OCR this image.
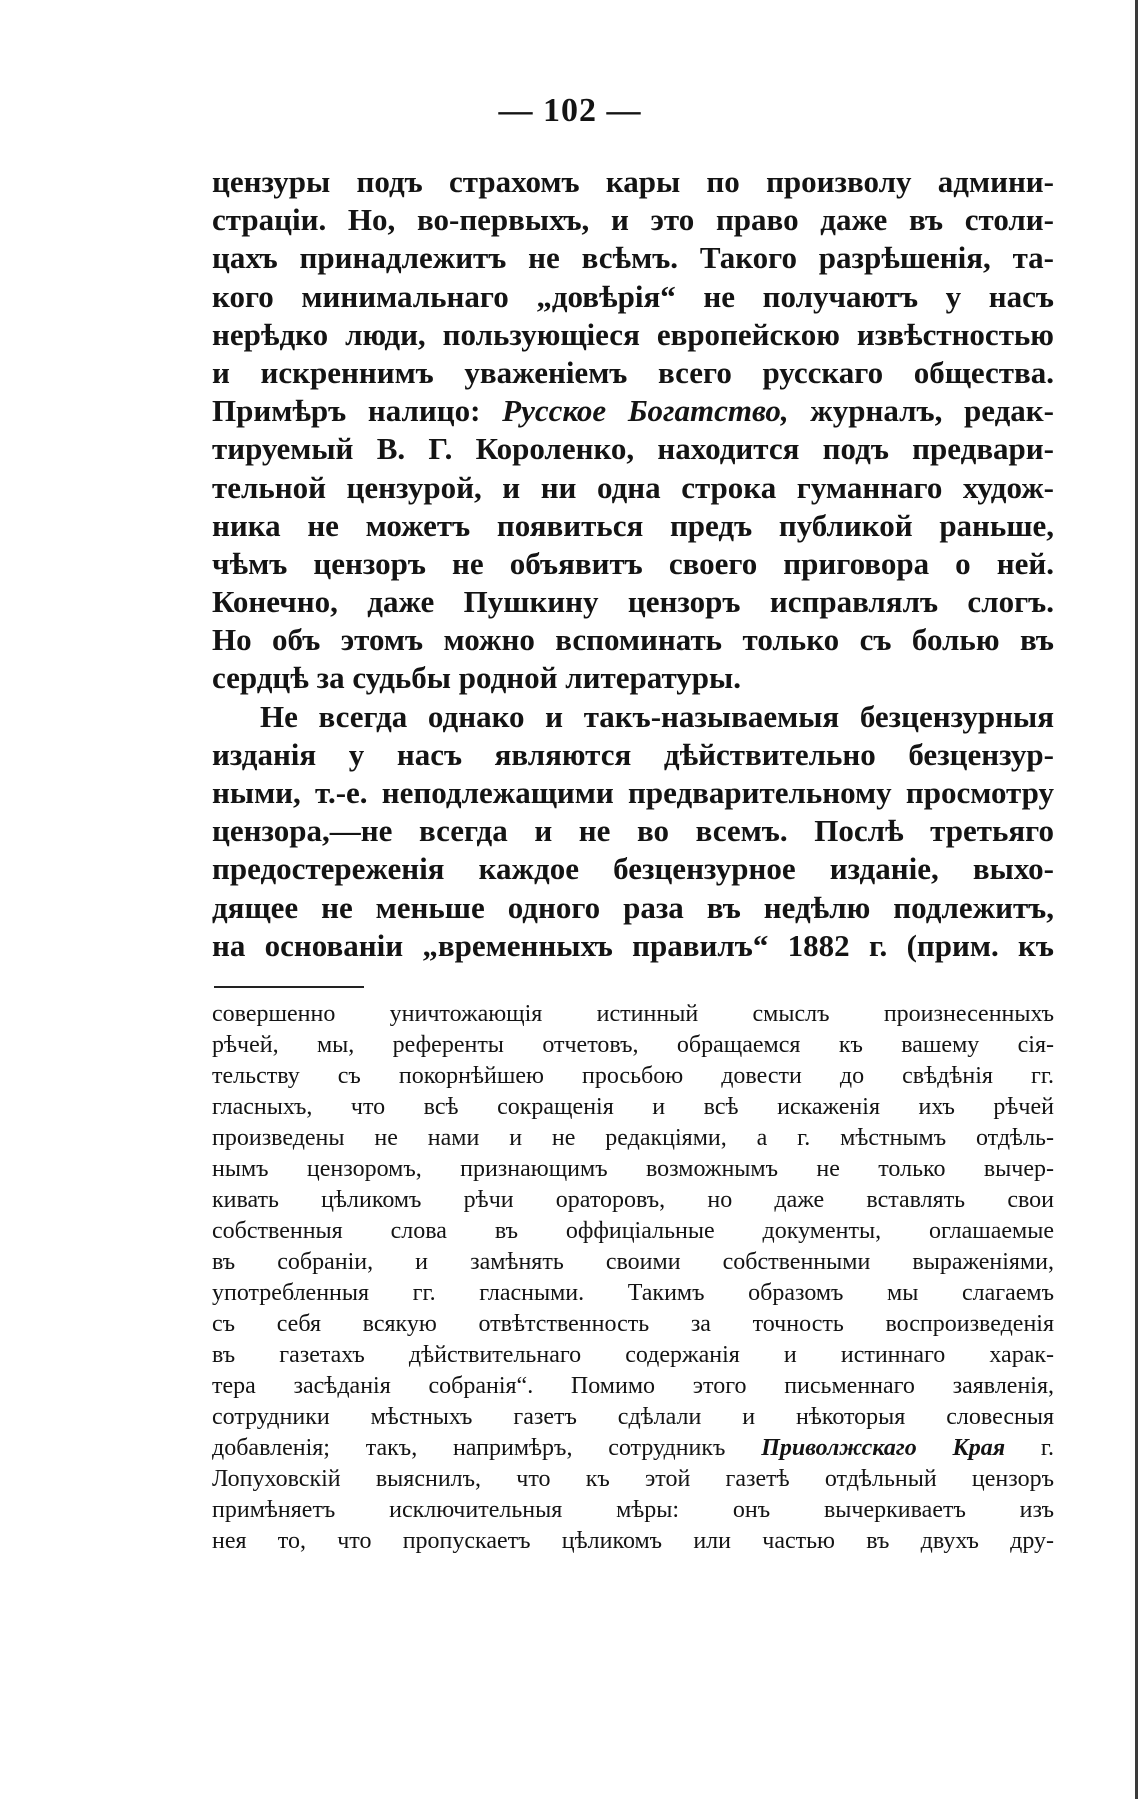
— 102 —
цензуры подъ страхомъ кары по произволу админи-
страціи. Но, во-первыхъ, и это право даже въ столи-
цахъ принадлежитъ не всѣмъ. Такого разрѣшенія, та-
кого минимальнаго „довѣрія“ не получаютъ у насъ
нерѣдко люди, пользующіеся европейскою извѣстностью
и искреннимъ уваженіемъ всего русскаго общества.
Примѣръ налицо: Русское Богатство, журналъ, редак-
тируемый В. Г. Короленко, находится подъ предвари-
тельной цензурой, и ни одна строка гуманнаго худож-
ника не можетъ появиться предъ публикой раньше,
чѣмъ цензоръ не объявитъ своего приговора о ней.
Конечно, даже Пушкину цензоръ исправлялъ слогъ.
Но объ этомъ можно вспоминать только съ болью въ
сердцѣ за судьбы родной литературы.
Не всегда однако и такъ-называемыя безцензурныя
изданія у насъ являются дѣйствительно безцензур-
ными, т.-е. неподлежащими предварительному просмотру
цензора,—не всегда и не во всемъ. Послѣ третьяго
предостереженія каждое безцензурное изданіе, выхо-
дящее не меньше одного раза въ недѣлю подлежитъ,
на основаніи „временныхъ правилъ“ 1882 г. (прим. къ
совершенно уничтожающія истинный смыслъ произнесенныхъ
рѣчей, мы, референты отчетовъ, обращаемся къ вашему сія-
тельству съ покорнѣйшею просьбою довести до свѣдѣнія гг.
гласныхъ, что всѣ сокращенія и всѣ искаженія ихъ рѣчей
произведены не нами и не редакціями, а г. мѣстнымъ отдѣль-
нымъ цензоромъ, признающимъ возможнымъ не только вычер-
кивать цѣликомъ рѣчи ораторовъ, но даже вставлять свои
собственныя слова въ оффиціальные документы, оглашаемые
въ собраніи, и замѣнять своими собственными выраженіями,
употребленныя гг. гласными. Такимъ образомъ мы слагаемъ
съ себя всякую отвѣтственность за точность воспроизведенія
въ газетахъ дѣйствительнаго содержанія и истиннаго харак-
тера засѣданія собранія“. Помимо этого письменнаго заявленія,
сотрудники мѣстныхъ газетъ сдѣлали и нѣкоторыя словесныя
добавленія; такъ, напримѣръ, сотрудникъ Приволжскаго Края г.
Лопуховскій выяснилъ, что къ этой газетѣ отдѣльный цензоръ
примѣняетъ исключительныя мѣры: онъ вычеркиваетъ изъ
нея то, что пропускаетъ цѣликомъ или частью въ двухъ дру-
